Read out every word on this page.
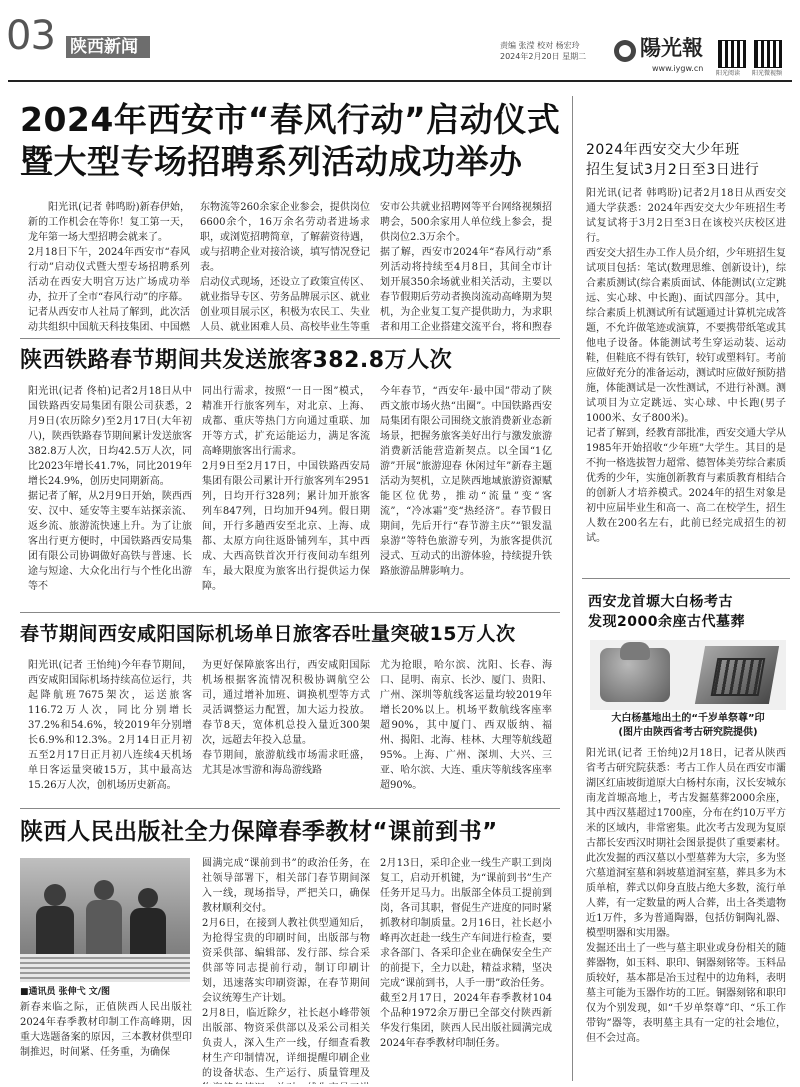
03 陕西新闻	责编 张滢 校对 杨宏玲
2024年2月20日 星期二	陽光報
www.iygw.cn
阳光阅读 阳光微视频
2024年西安市“春风行动”启动仪式
暨大型专场招聘系列活动成功举办
阳光讯(记者 韩鸣盼)新春伊始，新的工作机会在等你！复工第一天，龙年第一场大型招聘会就来了。
2月18日下午，2024年西安市“春风行动”启动仪式暨大型专场招聘系列活动在西安大明宫万达广场成功举办，拉开了全市“春风行动”的序幕。
记者从西安市人社局了解到，此次活动共组织中国航天科技集团、中国燃
东物流等260余家企业参会，提供岗位6600余个，16万余名劳动者进场求职，或浏览招聘简章，了解薪资待遇，或与招聘企业对接洽谈，填写情况登记表。
启动仪式现场，还设立了政策宣传区、就业指导专区、劳务品牌展示区、就业创业项目展示区，积极为农民工、失业人员、就业困难人员、高校毕业生等重
安市公共就业招聘网等平台网络视频招聘会，500余家用人单位线上参会，提供岗位2.3万余个。
据了解，西安市2024年“春风行动”系列活动将持续至4月8日，其间全市计划开展350余场就业相关活动，主要以春节假期后劳动者换岗流动高峰期为契机，为企业复工复产提供助力，为求职者和用工企业搭建交流平台，将和煦春
陕西铁路春节期间共发送旅客382.8万人次
阳光讯(记者 佟柏)记者2月18日从中国铁路西安局集团有限公司获悉，2月9日(农历除夕)至2月17日(大年初八)，陕西铁路春节期间累计发送旅客382.8万人次，日均42.5万人次，同比2023年增长41.7%，同比2019年增长24.9%，创历史同期新高。
据记者了解，从2月9日开始，陕西西安、汉中、延安等主要车站探亲流、返乡流、旅游流快速上升。为了让旅客出行更方便时，中国铁路西安局集团有限公司协调做好高铁与普速、长途与短途、大众化出行与个性化出游等不
同出行需求，按照“一日一图”模式，精准开行旅客列车，对北京、上海、成都、重庆等热门方向通过重联、加开等方式，扩充运能运力，满足客流高峰期旅客出行需求。
2月9日至2月17日，中国铁路西安局集团有限公司累计开行旅客列车2951列，日均开行328列；累计加开旅客列车847列，日均加开94列。假日期间，开行多趟西安至北京、上海、成都、太原方向往返卧铺列车，其中西成、大西高铁首次开行夜间动车组列车，最大限度为旅客出行提供运力保障。
今年春节，“西安年·最中国”带动了陕西文旅市场火热“出圈”。中国铁路西安局集团有限公司围绕文旅消费新业态新场景，把握务旅客美好出行与激发旅游消费新活能营造新契点。以全国“1亿游”开展“旅游迎春 休闲过年”新春主题活动为契机，立足陕西地域旅游资源赋能区位优势，推动“流量”变“客流”，“冷冰霜”变“热经济”。春节假日期间，先后开行“春节游主庆”“银发温泉游”等特色旅游专列，为旅客提供沉浸式、互动式的出游体验，持续提升铁路旅游品牌影响力。
春节期间西安咸阳国际机场单日旅客吞吐量突破15万人次
阳光讯(记者 王怡纯)今年春节期间，西安咸阳国际机场持续高位运行，共起降航班7675架次，运送旅客116.72万人次，同比分别增长37.2%和54.6%，较2019年分别增长6.9%和12.3%。2月14日正月初五至2月17日正月初八连续4天机场单日客运量突破15万，其中最高达15.26万人次，创机场历史新高。
为更好保障旅客出行，西安咸阳国际机场根据客流情况积极协调航空公司，通过增补加班、调换机型等方式灵活调整运力配置，加大运力投放。春节8天，宽体机总投入量近300架次，远超去年投入总量。
春节期间，旅游航线市场需求旺盛，尤其是冰雪游和海岛游线路
尤为抢眼，哈尔滨、沈阳、长春、海口、昆明、南京、长沙、厦门、贵阳、广州、深圳等航线客运量均较2019年增长20%以上。机场平数航线客座率超90%，其中厦门、西双版纳、福州、揭阳、北海、桂林、大理等航线超95%。上海、广州、深圳、大兴、三亚、哈尔滨、大连、重庆等航线客座率超90%。
陕西人民出版社全力保障春季教材“课前到书”
■通讯员 张伸弋 文/图
新春来临之际，正值陕西人民出版社2024年春季教材印制工作高峰期，因重大选题备案的原因，三本教材供型印制推迟，时间紧、任务重，为确保
圆满完成“课前到书”的政治任务，在社领导部署下，相关部门春节期间深入一线，现场指导，严把关口，确保教材顺利交付。
2月6日，在接到人教社供型通知后，为抢得宝贵的印刷时间，出版部与物资采供部、编辑部、发行部、综合采供部等同志提前行动，制订印刷计划，迅速落实印刷资源，在春节期间会议统筹生产计划。
2月8日，临近除夕，社长赵小峰带领出版部、物资采供部以及采公司相关负责人，深入生产一线，仔细查看教材生产印制情况，详细提醒印刷企业的设备状态、生产运行、质量管理及
2月13日，采印企业一线生产职工到岗复工，启动开机键，为“课前到书”生产任务开足马力。出版部全体员工提前到岗，各司其职，督促生产进度的同时紧抓教材印制质量。2月16日，社长赵小峰再次赶赴一线生产车间进行检查，要求各部门、各采印企业在确保安全生产的前提下，全力以赴，精益求精，坚决完成“课前到书，人手一册”政治任务。
截至2月17日，2024年春季教材104个品种1972余万册已全部交付陕西新华发行集团，陕西人民出版社圆满完成2024年春季教材印制任务。
2024年西安交大少年班
招生复试3月2日至3日进行
阳光讯(记者 韩鸣盼)记者2月18日从西安交通大学获悉：2024年西安交大少年班招生考试复试将于3月2日至3日在该校兴庆校区进行。
西安交大招生办工作人员介绍，少年班招生复试项目包括：笔试(数理思维、创新设计)，综合素质测试(综合素质面试、体能测试(立定跳远、实心球、中长跑)、面试四部分。其中，综合素质上机测试所有试题通过计算机完成答题，不允许做笔迹或演算，不要携带纸笔或其他电子设备。体能测试考生穿运动装、运动鞋，但鞋底不得有铁钉，较钉或塑料钉。考前应做好充分的准备运动，测试时应做好预防措施，体能测试是一次性测试，不进行补测。测试项目为立定跳远、实心球、中长跑(男子1000米、女子800米)。
记者了解到，经教育部批准，西安交通大学从1985年开始招收“少年班”大学生。其目的是不拘一格选拔智力超常、德智体美劳综合素质优秀的少年，实施创新教育与素质教育相结合的创新人才培养模式。2024年的招生对象是初中应届毕业生和高一、高二在校学生，招生人数在200名左右，此前已经完成招生的初试。
西安龙首塬大白杨考古
发现2000余座古代墓葬
大白杨墓地出土的“千岁单祭尊”印
(图片由陕西省考古研究院提供)
阳光讯(记者 王怡纯)2月18日，记者从陕西省考古研究院获悉：考古工作人员在西安市灞湖区红庙坡街道原大白杨村东南，汉长安城东南龙首塬高地上，考古发掘墓葬2000余座，其中西汉墓超过1700座，分布在约10万平方米的区域内，非常密集。此次考古发现为复原古都长安西汉时期社会图景提供了重要素材。
此次发掘的西汉墓以小型墓葬为大宗，多为竖穴墓道洞室墓和斜坡墓道洞室墓，葬具多为木质单棺，葬式以仰身直肢占绝大多数，流行单人葬，有一定数量的两人合葬，出土各类遗物近1万件，多为普通陶器，包括仿铜陶礼器、模型明器和实用器。
发掘还出土了一些与墓主职业或身份相关的随葬器物，如玉料、职印、铜器刻铭等。玉料品质较好，基本都是冶玉过程中的边角料，表明墓主可能为玉器作坊的工匠。铜器刻铭和职印仅为个别发现，如“千岁单祭尊”印、“乐工作带钩”器等，表明墓主具有一定的社会地位，但不会过高。
